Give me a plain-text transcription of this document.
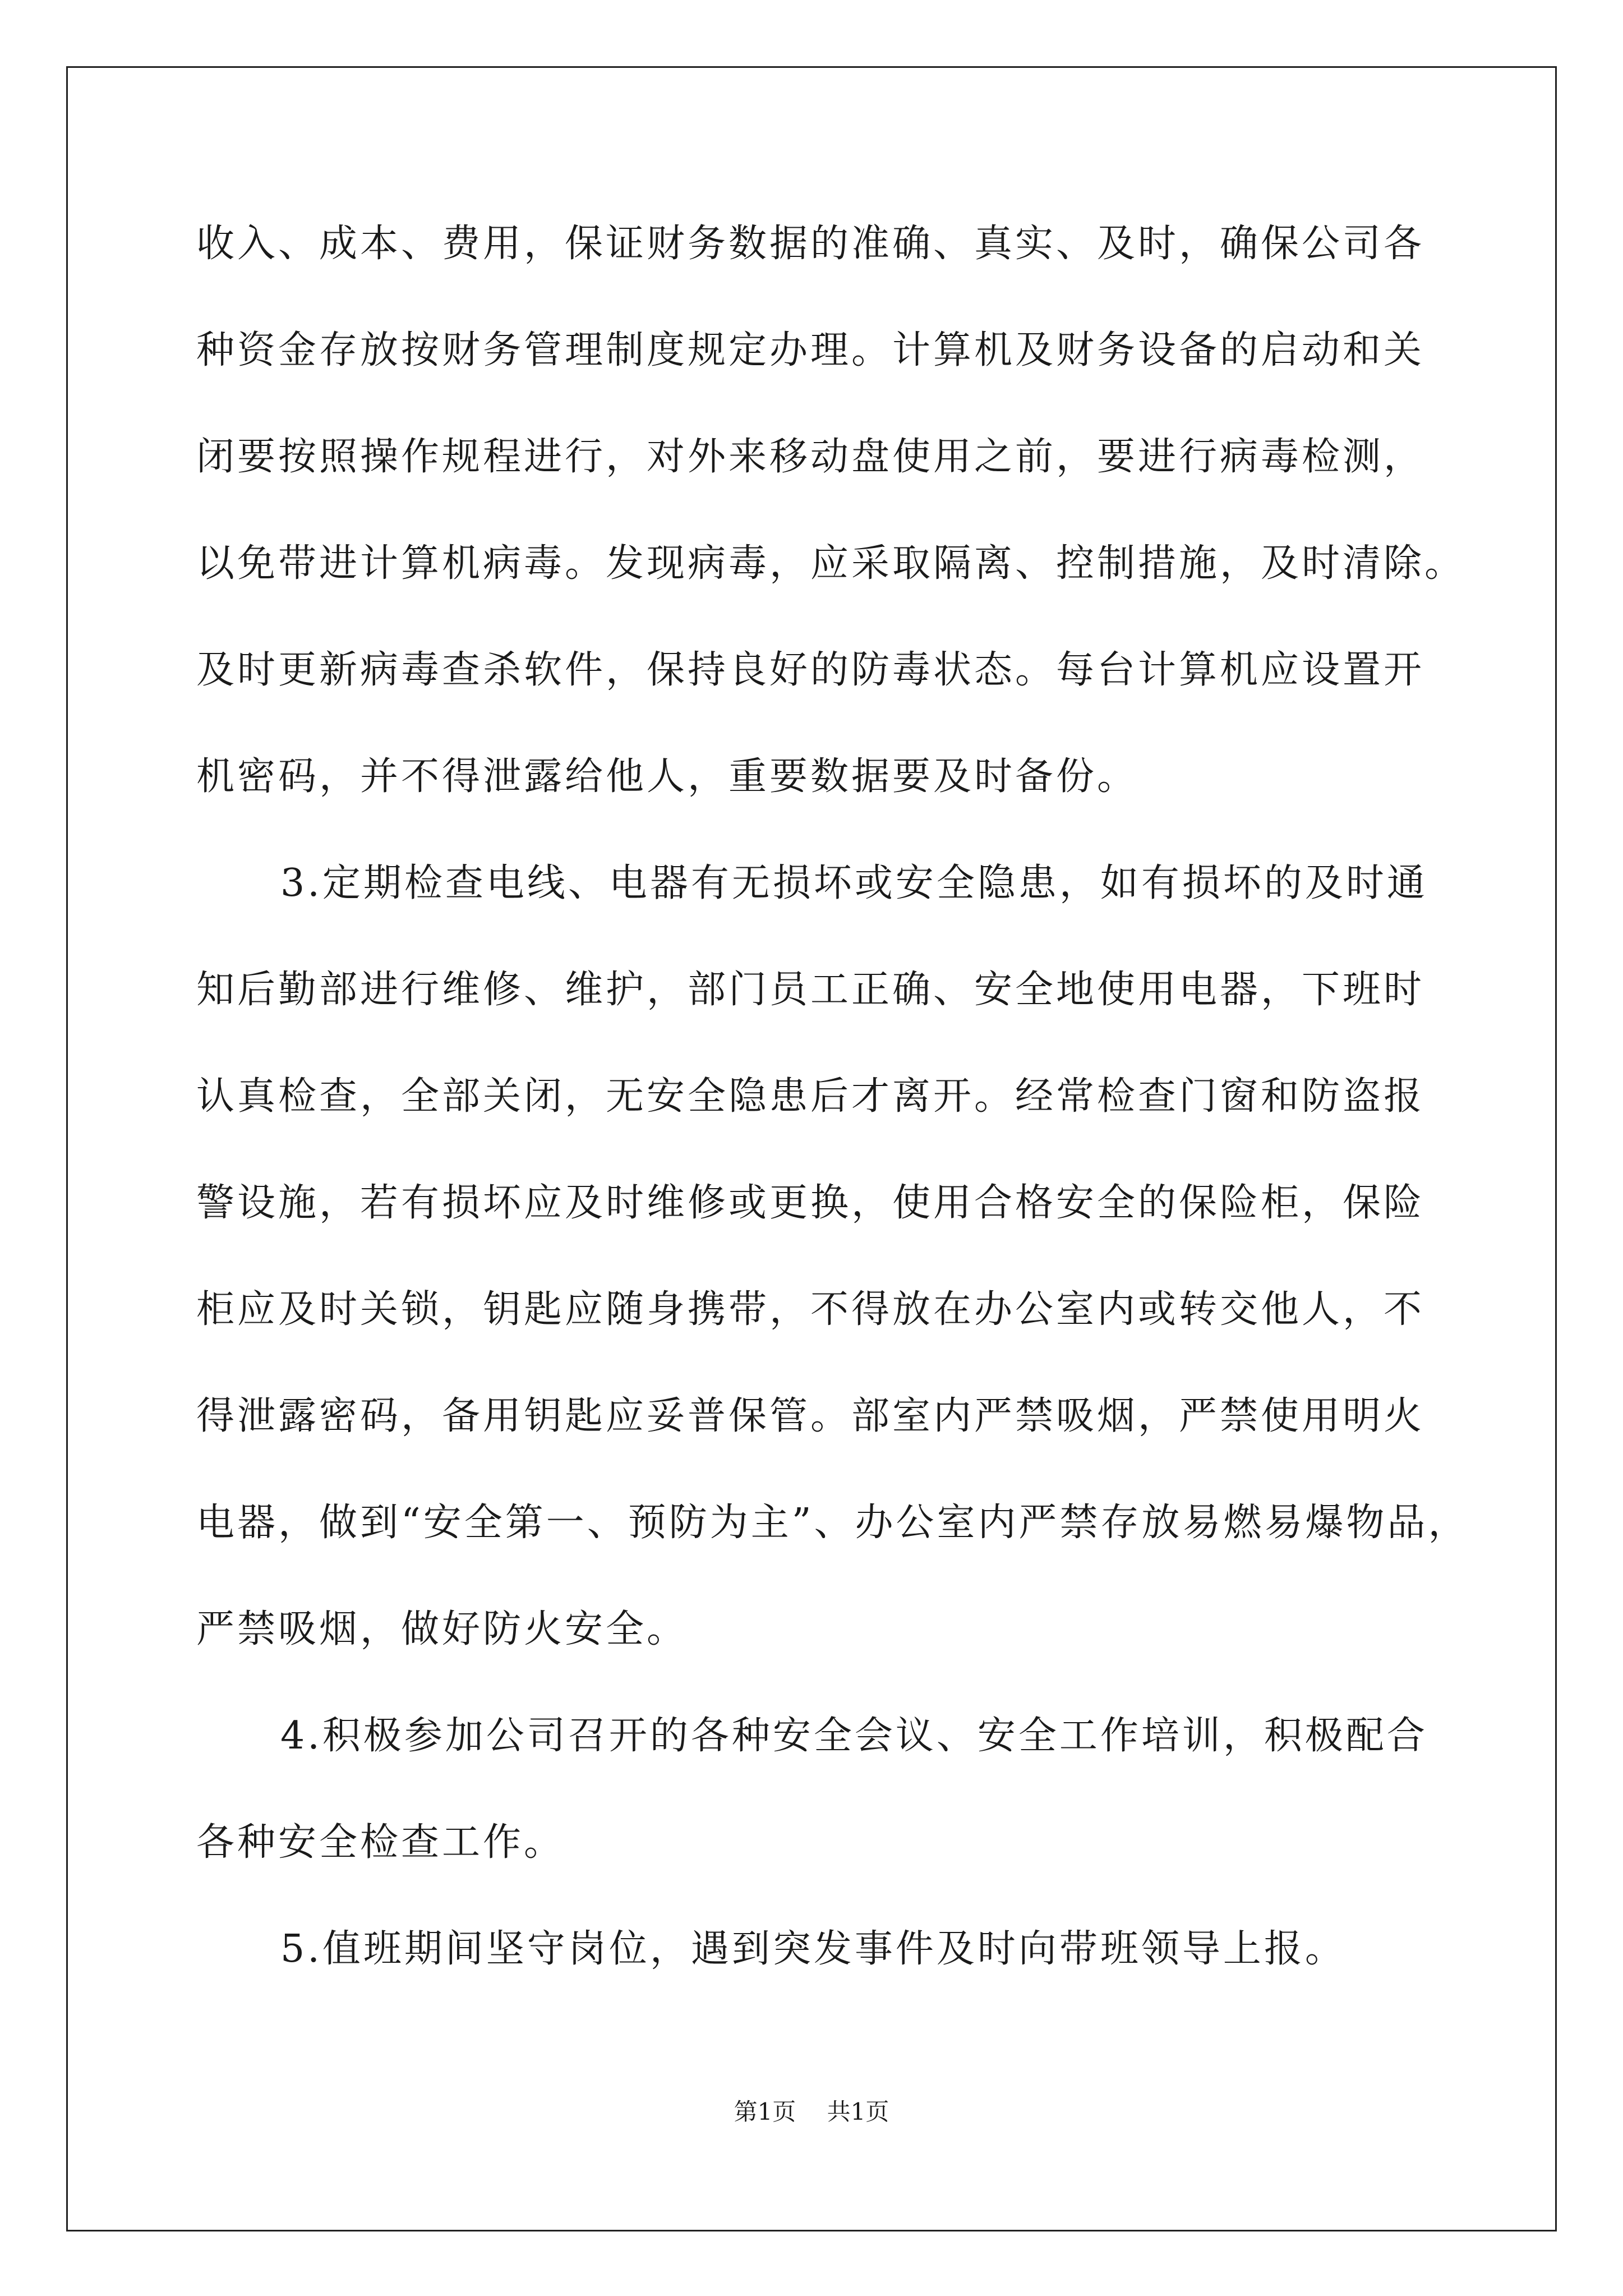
收入、成本、费用，保证财务数据的准确、真实、及时，确保公司各
种资金存放按财务管理制度规定办理。计算机及财务设备的启动和关
闭要按照操作规程进行，对外来移动盘使用之前，要进行病毒检测，
以免带进计算机病毒。发现病毒，应采取隔离、控制措施，及时清除。
及时更新病毒查杀软件，保持良好的防毒状态。每台计算机应设置开
机密码，并不得泄露给他人，重要数据要及时备份。
3.定期检查电线、电器有无损坏或安全隐患，如有损坏的及时通
知后勤部进行维修、维护，部门员工正确、安全地使用电器，下班时
认真检查，全部关闭，无安全隐患后才离开。经常检查门窗和防盗报
警设施，若有损坏应及时维修或更换，使用合格安全的保险柜，保险
柜应及时关锁，钥匙应随身携带，不得放在办公室内或转交他人，不
得泄露密码，备用钥匙应妥普保管。部室内严禁吸烟，严禁使用明火
电器，做到“安全第一、预防为主”、办公室内严禁存放易燃易爆物品，
严禁吸烟，做好防火安全。
4.积极参加公司召开的各种安全会议、安全工作培训，积极配合
各种安全检查工作。
5.值班期间坚守岗位，遇到突发事件及时向带班领导上报。
第1页 共1页
